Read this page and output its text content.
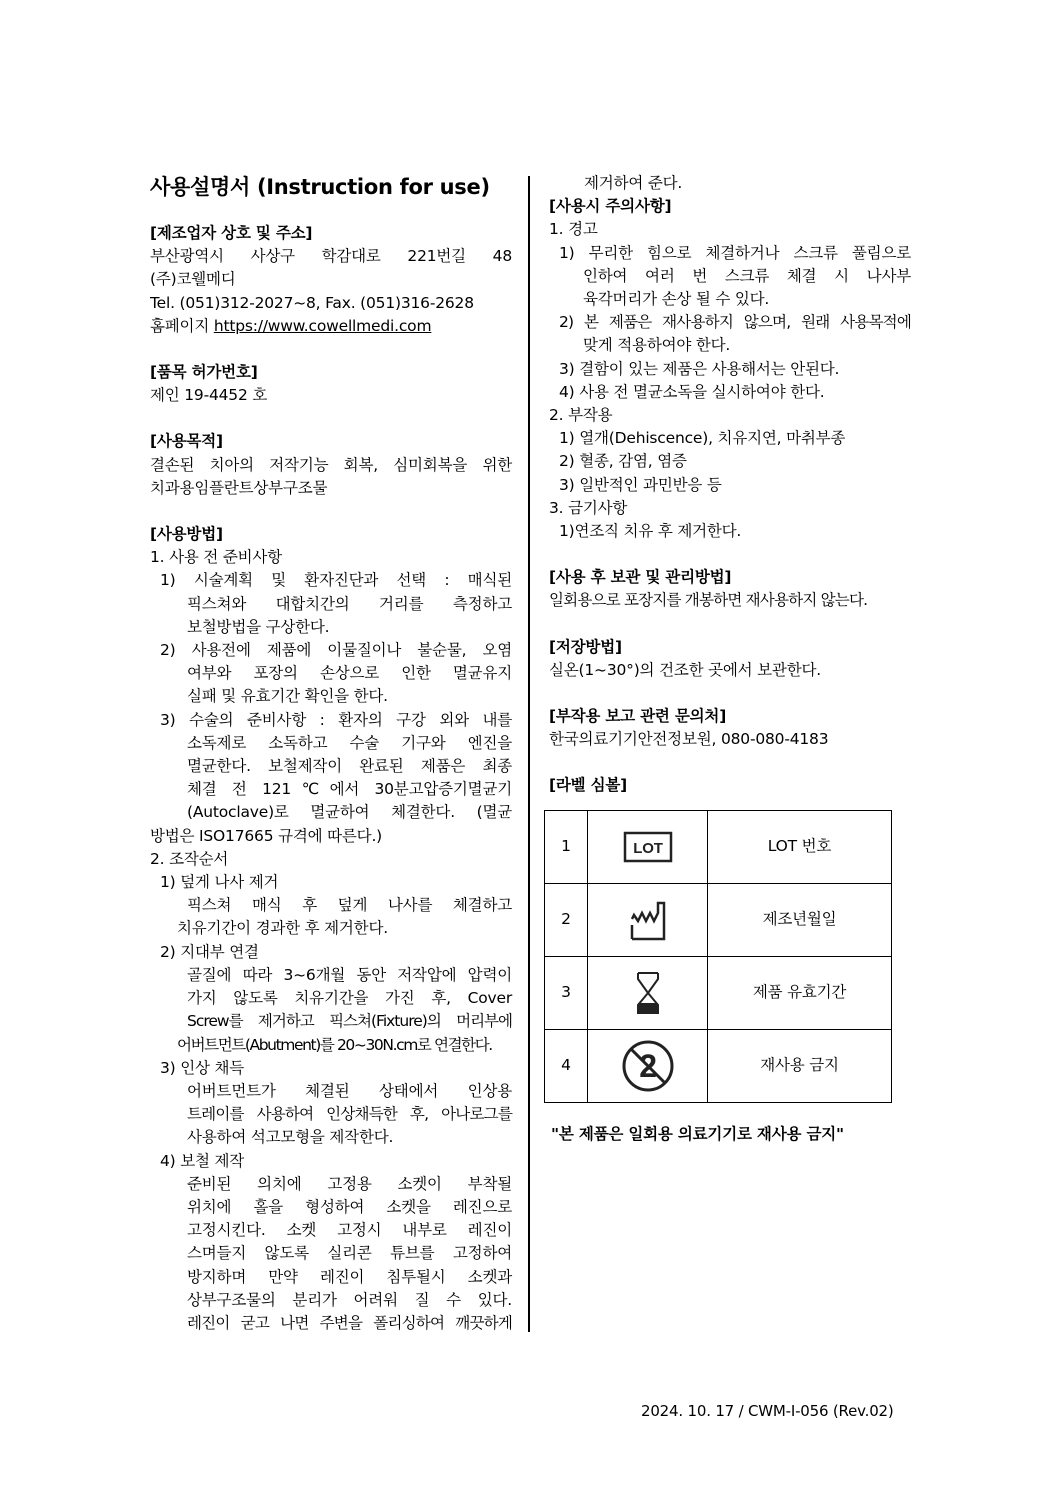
사용설명서 (Instruction for use)

[제조업자 상호 및 주소]

부산광역시 사상구 학감대로 221번길 48

(주)코웰메디

Tel. (051)312-2027~8, Fax. (051)316-2628

홈페이지 https://www.cowellmedi.com

[품목 허가번호]

제인 19-4452 호

[사용목적]

결손된 치아의 저작기능 회복, 심미회복을 위한

치과용임플란트상부구조물

[사용방법]

1. 사용 전 준비사항

1) 시술계획 및 환자진단과 선택 : 매식된

픽스쳐와 대합치간의 거리를 측정하고

보철방법을 구상한다.

2) 사용전에 제품에 이물질이나 불순물, 오염

여부와 포장의 손상으로 인한 멸균유지

실패 및 유효기간 확인을 한다.

3) 수술의 준비사항 : 환자의 구강 외와 내를

소독제로 소독하고 수술 기구와 엔진을

멸균한다. 보철제작이 완료된 제품은 최종

체결 전 121℃에서 30분고압증기멸균기

(Autoclave)로 멸균하여 체결한다. (멸균

방법은 ISO17665 규격에 따른다.)

2. 조작순서

1) 덮게 나사 제거

픽스쳐 매식 후 덮게 나사를 체결하고

치유기간이 경과한 후 제거한다.

2) 지대부 연결

골질에 따라 3~6개월 동안 저작압에 압력이

가지 않도록 치유기간을 가진 후, Cover

Screw를 제거하고 픽스쳐(Fixture)의 머리부에

어버트먼트(Abutment)를 20~30N.cm로 연결한다.

3) 인상 채득

어버트먼트가 체결된 상태에서 인상용

트레이를 사용하여 인상채득한 후, 아나로그를

사용하여 석고모형을 제작한다.

4) 보철 제작

준비된 의치에 고정용 소켓이 부착될

위치에 홀을 형성하여 소켓을 레진으로

고정시킨다. 소켓 고정시 내부로 레진이

스며들지 않도록 실리콘 튜브를 고정하여

방지하며 만약 레진이 침투될시 소켓과

상부구조물의 분리가 어려워 질 수 있다.

레진이 굳고 나면 주변을 폴리싱하여 깨끗하게

제거하여 준다.

[사용시 주의사항]

1. 경고

1) 무리한 힘으로 체결하거나 스크류 풀림으로

인하여 여러 번 스크류 체결 시 나사부

육각머리가 손상 될 수 있다.

2) 본 제품은 재사용하지 않으며, 원래 사용목적에

맞게 적용하여야 한다.

3) 결함이 있는 제품은 사용해서는 안된다.

4) 사용 전 멸균소독을 실시하여야 한다.

2. 부작용

1) 열개(Dehiscence), 치유지연, 마취부종

2) 혈종, 감염, 염증

3) 일반적인 과민반응 등

3. 금기사항

1)연조직 치유 후 제거한다.

[사용 후 보관 및 관리방법]

일회용으로 포장지를 개봉하면 재사용하지 않는다.

[저장방법]

실온(1~30°)의 건조한 곳에서 보관한다.

[부작용 보고 관련 문의처]

한국의료기기안전정보원, 080-080-4183

[라벨 심볼]

1	LOT	LOT 번호
2		제조년월일
3		제품 유효기간
4	2	재사용 금지

"본 제품은 일회용 의료기기로 재사용 금지"

2024. 10. 17 / CWM-I-056 (Rev.02)
